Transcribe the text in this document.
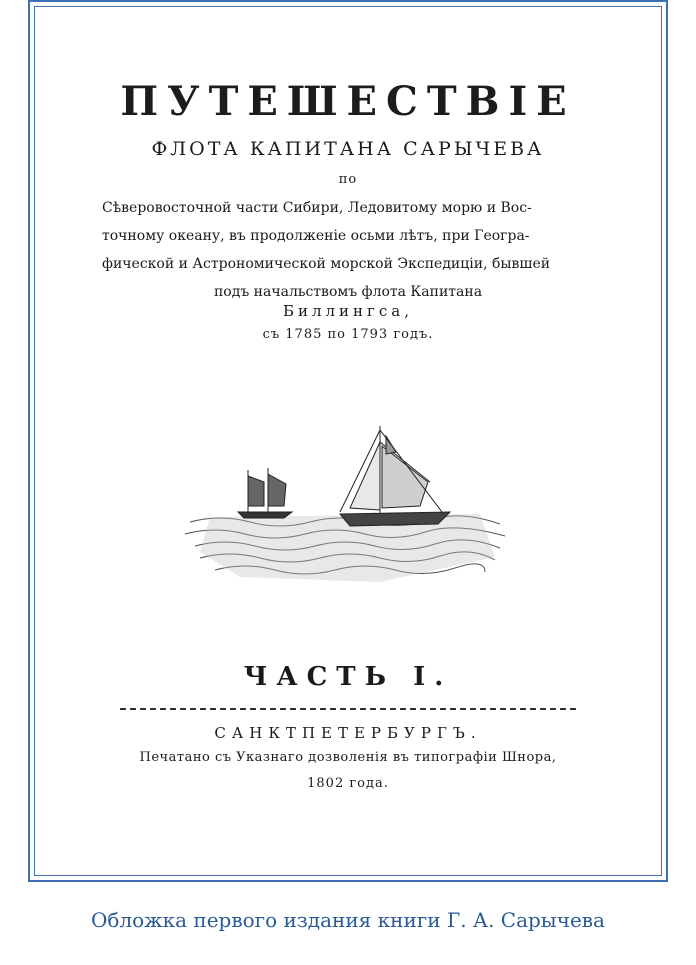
ПУТЕШЕСТВIЕ
ФЛОТА КАПИТАНА САРЫЧЕВА
по
Сѣверовосточной части Сибири, Ледовитому морю и Вос-
точному океану, въ продолженiе осьми лѣтъ, при Геогра-
фической и Астрономической морской Экспедицiи, бывшей
подъ начальствомъ флота Капитана
Биллингса,
съ 1785 по 1793 годъ.
ЧАСТЬ I.
САНКТПЕТЕРБУРГЪ.
Печатано съ Указнаго дозволенiя въ типографiи Шнора,
1802 года.
Обложка первого издания книги Г. А. Сарычева
